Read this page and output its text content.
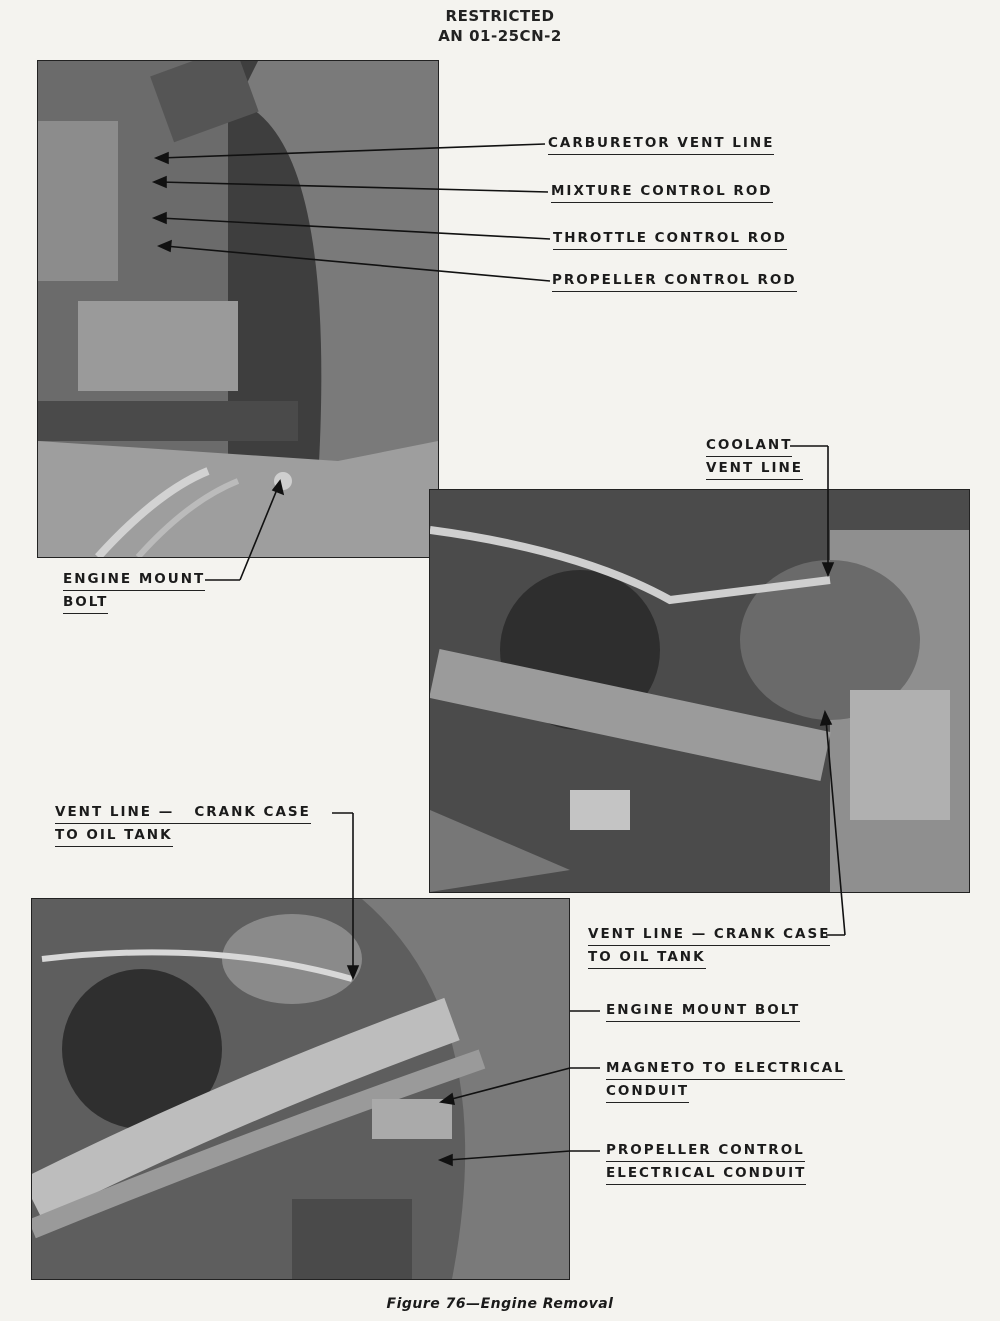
RESTRICTED
AN 01-25CN-2
CARBURETOR VENT LINE
MIXTURE CONTROL ROD
THROTTLE CONTROL ROD
PROPELLER CONTROL ROD
ENGINE MOUNT
BOLT
COOLANT
VENT LINE
VENT LINE — CRANK CASE
TO OIL TANK
VENT LINE —   CRANK CASE
TO OIL TANK
ENGINE MOUNT BOLT
MAGNETO TO ELECTRICAL
CONDUIT
PROPELLER CONTROL
ELECTRICAL CONDUIT
Figure 76—Engine Removal
